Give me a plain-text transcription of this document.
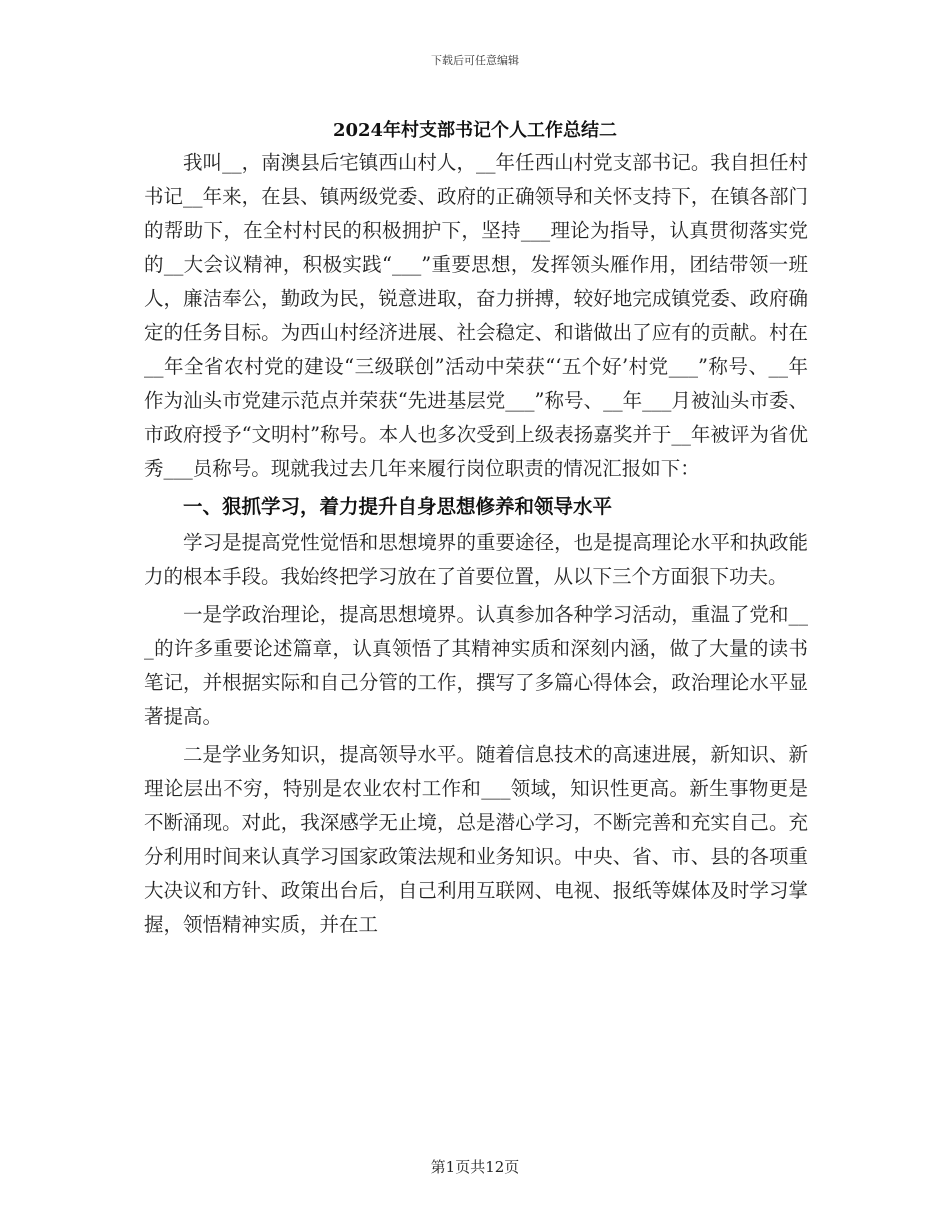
下载后可任意编辑
2024年村支部书记个人工作总结二

我叫__，南澳县后宅镇西山村人，__年任西山村党支部书记。我自担任村书记__年来，在县、镇两级党委、政府的正确领导和关怀支持下，在镇各部门的帮助下，在全村村民的积极拥护下，坚持___理论为指导，认真贯彻落实党的__大会议精神，积极实践“___”重要思想，发挥领头雁作用，团结带领一班人，廉洁奉公，勤政为民，锐意进取，奋力拼搏，较好地完成镇党委、政府确定的任务目标。为西山村经济进展、社会稳定、和谐做出了应有的贡献。村在__年全省农村党的建设“三级联创”活动中荣获“‘五个好’村党___”称号、__年作为汕头市党建示范点并荣获“先进基层党___”称号、__年___月被汕头市委、市政府授予“文明村”称号。本人也多次受到上级表扬嘉奖并于__年被评为省优秀___员称号。现就我过去几年来履行岗位职责的情况汇报如下：

一、狠抓学习，着力提升自身思想修养和领导水平

学习是提高党性觉悟和思想境界的重要途径，也是提高理论水平和执政能力的根本手段。我始终把学习放在了首要位置，从以下三个方面狠下功夫。

一是学政治理论，提高思想境界。认真参加各种学习活动，重温了党和___的许多重要论述篇章，认真领悟了其精神实质和深刻内涵，做了大量的读书笔记，并根据实际和自己分管的工作，撰写了多篇心得体会，政治理论水平显著提高。

二是学业务知识，提高领导水平。随着信息技术的高速进展，新知识、新理论层出不穷，特别是农业农村工作和___领域，知识性更高。新生事物更是不断涌现。对此，我深感学无止境，总是潜心学习，不断完善和充实自己。充分利用时间来认真学习国家政策法规和业务知识。中央、省、市、县的各项重大决议和方针、政策出台后，自己利用互联网、电视、报纸等媒体及时学习掌握，领悟精神实质，并在工

第1页共12页
